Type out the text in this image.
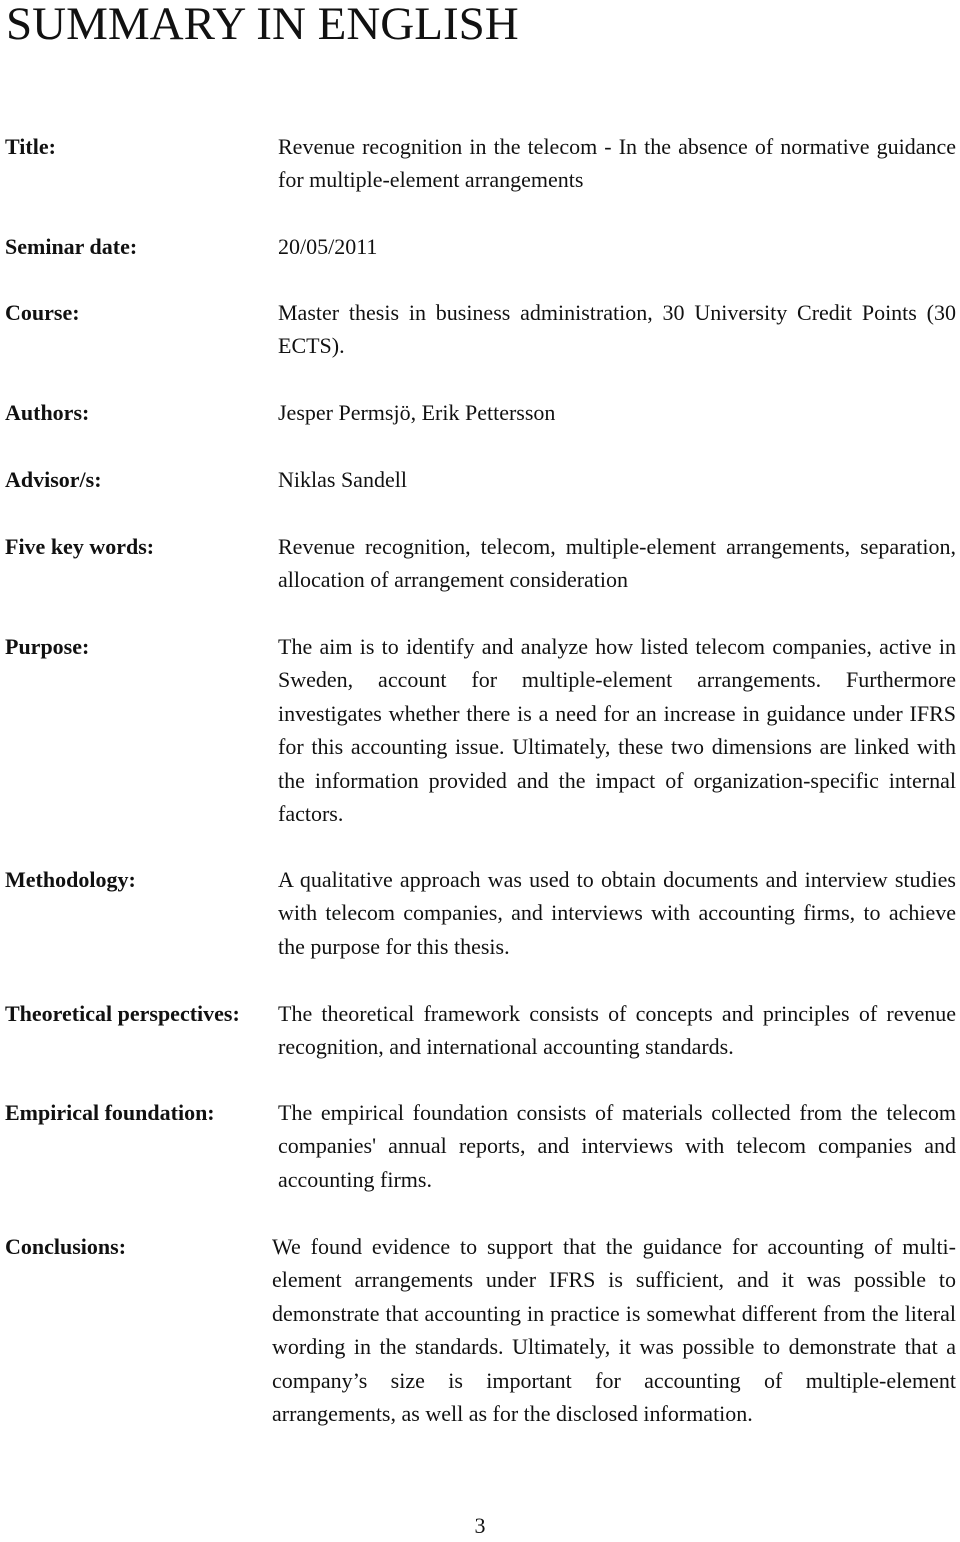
SUMMARY IN ENGLISH
Title:	Revenue recognition in the telecom - In the absence of normative guidance for multiple-element arrangements
Seminar date:	20/05/2011
Course:	Master thesis in business administration, 30 University Credit Points (30 ECTS).
Authors:	Jesper Permsjö, Erik Pettersson
Advisor/s:	Niklas Sandell
Five key words:	Revenue recognition, telecom, multiple-element arrangements, separation, allocation of arrangement consideration
Purpose:	The aim is to identify and analyze how listed telecom companies, active in Sweden, account for multiple-element arrangements. Furthermore investigates whether there is a need for an increase in guidance under IFRS for this accounting issue. Ultimately, these two dimensions are linked with the information provided and the impact of organization-specific internal factors.
Methodology:	A qualitative approach was used to obtain documents and interview studies with telecom companies, and interviews with accounting firms, to achieve the purpose for this thesis.
Theoretical perspectives: The theoretical framework consists of concepts and principles of revenue recognition, and international accounting standards.
Empirical foundation:	The empirical foundation consists of materials collected from the telecom companies' annual reports, and interviews with telecom companies and accounting firms.
Conclusions:	We found evidence to support that the guidance for accounting of multi-element arrangements under IFRS is sufficient, and it was possible to demonstrate that accounting in practice is somewhat different from the literal wording in the standards. Ultimately, it was possible to demonstrate that a company’s size is important for accounting of multiple-element arrangements, as well as for the disclosed information.
3
